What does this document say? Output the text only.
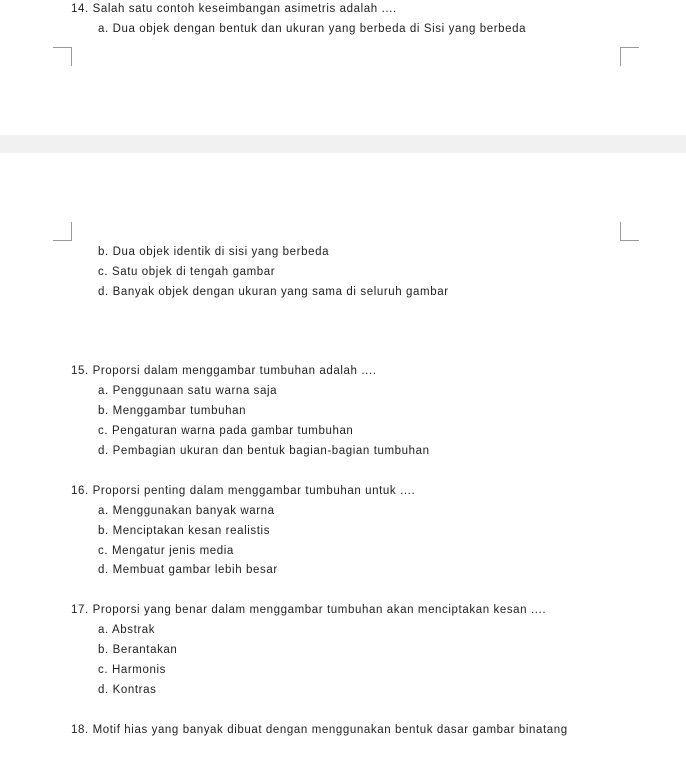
14. Salah satu contoh keseimbangan asimetris adalah ....
a. Dua objek dengan bentuk dan ukuran yang berbeda di Sisi yang berbeda
b. Dua objek identik di sisi yang berbeda
c. Satu objek di tengah gambar
d. Banyak objek dengan ukuran yang sama di seluruh gambar
15. Proporsi dalam menggambar tumbuhan adalah ....
a. Penggunaan satu warna saja
b. Menggambar tumbuhan
c. Pengaturan warna pada gambar tumbuhan
d. Pembagian ukuran dan bentuk bagian-bagian tumbuhan
16. Proporsi penting dalam menggambar tumbuhan untuk ....
a. Menggunakan banyak warna
b. Menciptakan kesan realistis
c. Mengatur jenis media
d. Membuat gambar lebih besar
17. Proporsi yang benar dalam menggambar tumbuhan akan menciptakan kesan ....
a. Abstrak
b. Berantakan
c. Harmonis
d. Kontras
18. Motif hias yang banyak dibuat dengan menggunakan bentuk dasar gambar binatang
